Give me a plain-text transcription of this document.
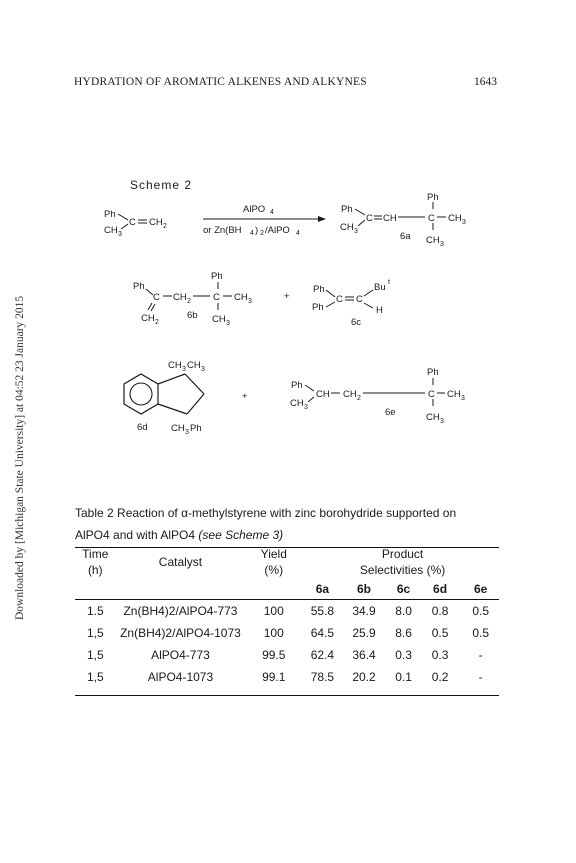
HYDRATION OF AROMATIC ALKENES AND ALKYNES	1643
Downloaded by [Michigan State University] at 04:52 23 January 2015
Scheme 2
Ph
CH 3
C CH 2
AlPO 4
or Zn(BH 4 ) 2 /AlPO 4
Ph
Ph
CH 3
C CH	C CH 3
6a CH 3
Ph
Ph
C CH 2 C CH 3
CH 2
6b CH 3
+
Ph
Ph
C C
Bu t
H
6c
CH 3 CH 3
6d CH 3 Ph
+
Ph
Ph
CH 3
CH CH 2	C CH 3
6e	CH 3
Table 2 Reaction of α-methylstyrene with zinc borohydride supported on
AlPO4 and with AlPO4 (see Scheme 3)
Time	Catalyst	Yield	Product				
(h)		(%)	Selectivities (%)				
			6a	6b	6c	6d	6e
1.5	Zn(BH4)2/AlPO4-773	100	55.8	34.9	8.0	0.8	0.5
1,5	Zn(BH4)2/AlPO4-1073	100	64.5	25.9	8.6	0.5	0.5
1,5	AlPO4-773	99.5	62.4	36.4	0.3	0.3	-
1,5	AlPO4-1073	99.1	78.5	20.2	0.1	0.2	-
